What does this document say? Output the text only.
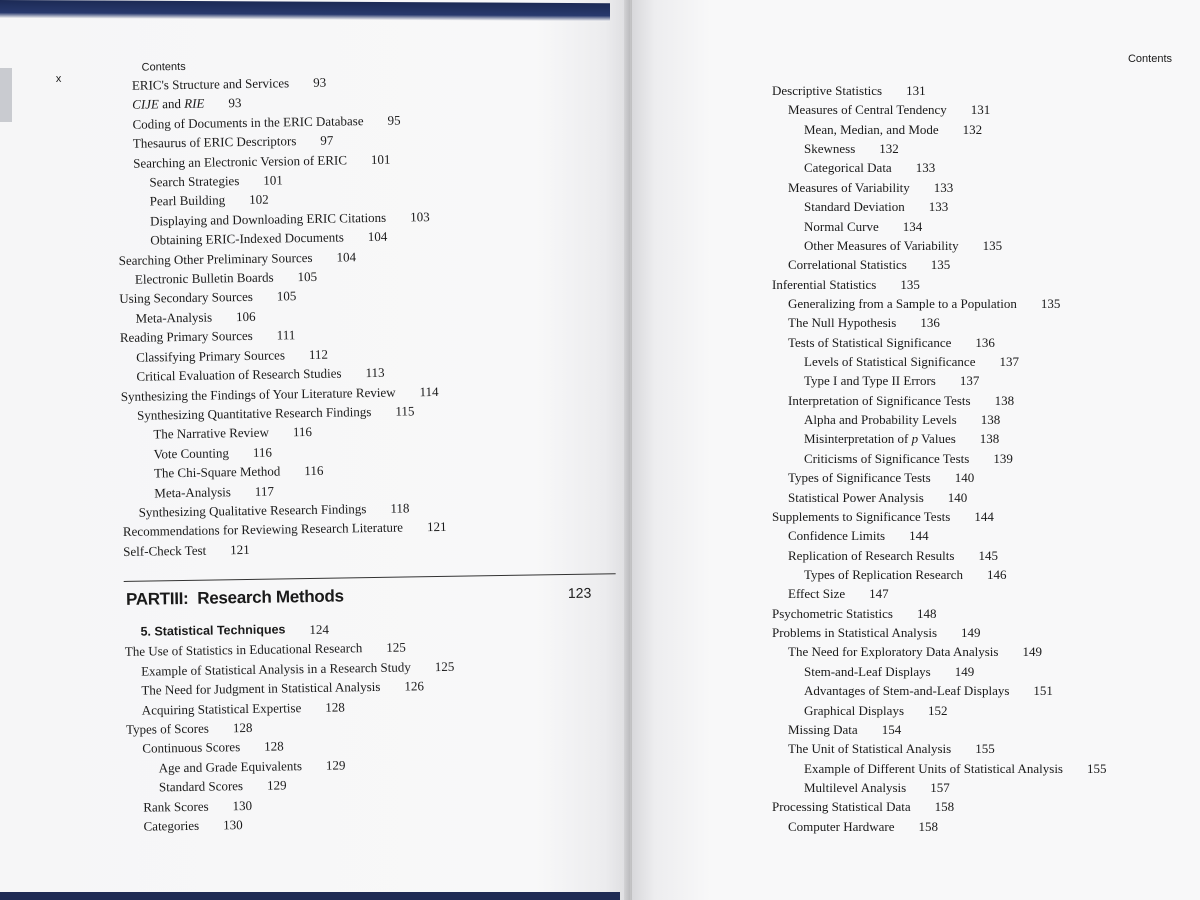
x
Contents
ERIC's Structure and Services 93
CIJE and RIE 93
Coding of Documents in the ERIC Database 95
Thesaurus of ERIC Descriptors 97
Searching an Electronic Version of ERIC 101
Search Strategies 101
Pearl Building 102
Displaying and Downloading ERIC Citations 103
Obtaining ERIC-Indexed Documents 104
Searching Other Preliminary Sources 104
Electronic Bulletin Boards 105
Using Secondary Sources 105
Meta-Analysis 106
Reading Primary Sources 111
Classifying Primary Sources 112
Critical Evaluation of Research Studies 113
Synthesizing the Findings of Your Literature Review 114
Synthesizing Quantitative Research Findings 115
The Narrative Review 116
Vote Counting 116
The Chi-Square Method 116
Meta-Analysis 117
Synthesizing Qualitative Research Findings 118
Recommendations for Reviewing Research Literature 121
Self-Check Test 121
PARTIII: Research Methods	123
5. Statistical Techniques 124
The Use of Statistics in Educational Research 125
Example of Statistical Analysis in a Research Study 125
The Need for Judgment in Statistical Analysis 126
Acquiring Statistical Expertise 128
Types of Scores 128
Continuous Scores 128
Age and Grade Equivalents 129
Standard Scores 129
Rank Scores 130
Categories 130
Contents
Descriptive Statistics 131
Measures of Central Tendency 131
Mean, Median, and Mode 132
Skewness 132
Categorical Data 133
Measures of Variability 133
Standard Deviation 133
Normal Curve 134
Other Measures of Variability 135
Correlational Statistics 135
Inferential Statistics 135
Generalizing from a Sample to a Population 135
The Null Hypothesis 136
Tests of Statistical Significance 136
Levels of Statistical Significance 137
Type I and Type II Errors 137
Interpretation of Significance Tests 138
Alpha and Probability Levels 138
Misinterpretation of p Values 138
Criticisms of Significance Tests 139
Types of Significance Tests 140
Statistical Power Analysis 140
Supplements to Significance Tests 144
Confidence Limits 144
Replication of Research Results 145
Types of Replication Research 146
Effect Size 147
Psychometric Statistics 148
Problems in Statistical Analysis 149
The Need for Exploratory Data Analysis 149
Stem-and-Leaf Displays 149
Advantages of Stem-and-Leaf Displays 151
Graphical Displays 152
Missing Data 154
The Unit of Statistical Analysis 155
Example of Different Units of Statistical Analysis 155
Multilevel Analysis 157
Processing Statistical Data 158
Computer Hardware 158
